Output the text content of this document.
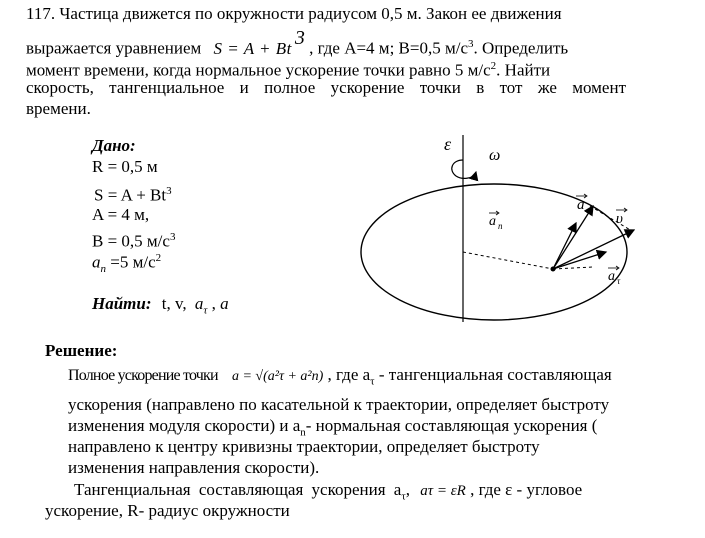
117. Частица движется по окружности радиусом 0,5 м. Закон ее движения
выражается уравнением S = A + Bt 3 , где A=4 м; B=0,5 $м/с^3$. Определить
момент времени, когда нормальное ускорение точки равно 5 $м/с^2$. Найти
скорость, тангенциальное и полное ускорение точки в тот же момент
времени.
Дано:
R = 0,5 м
$S = A + Bt^3$
A = 4 м,
B = 0,5 $м/с^3$
$a_n =5$ $м/с^2$
Найти: t, v, $a_\tau$ , a
ε
ω
a
a n	υ
a τ
Решение:
Полное ускорение точки a = √(a²τ + a²n) , где $a_\tau$ - тангенциальная составляющая
ускорения (направлено по касательной к траектории, определяет быстроту
изменения модуля скорости) и $a_n-$ нормальная составляющая ускорения (
направлено к центру кривизны траектории, определяет быстроту
изменения направления скорости).
Тангенциальная составляющая ускорения $a_\tau$, aτ = εR , где ε - угловое
ускорение, R- радиус окружности
